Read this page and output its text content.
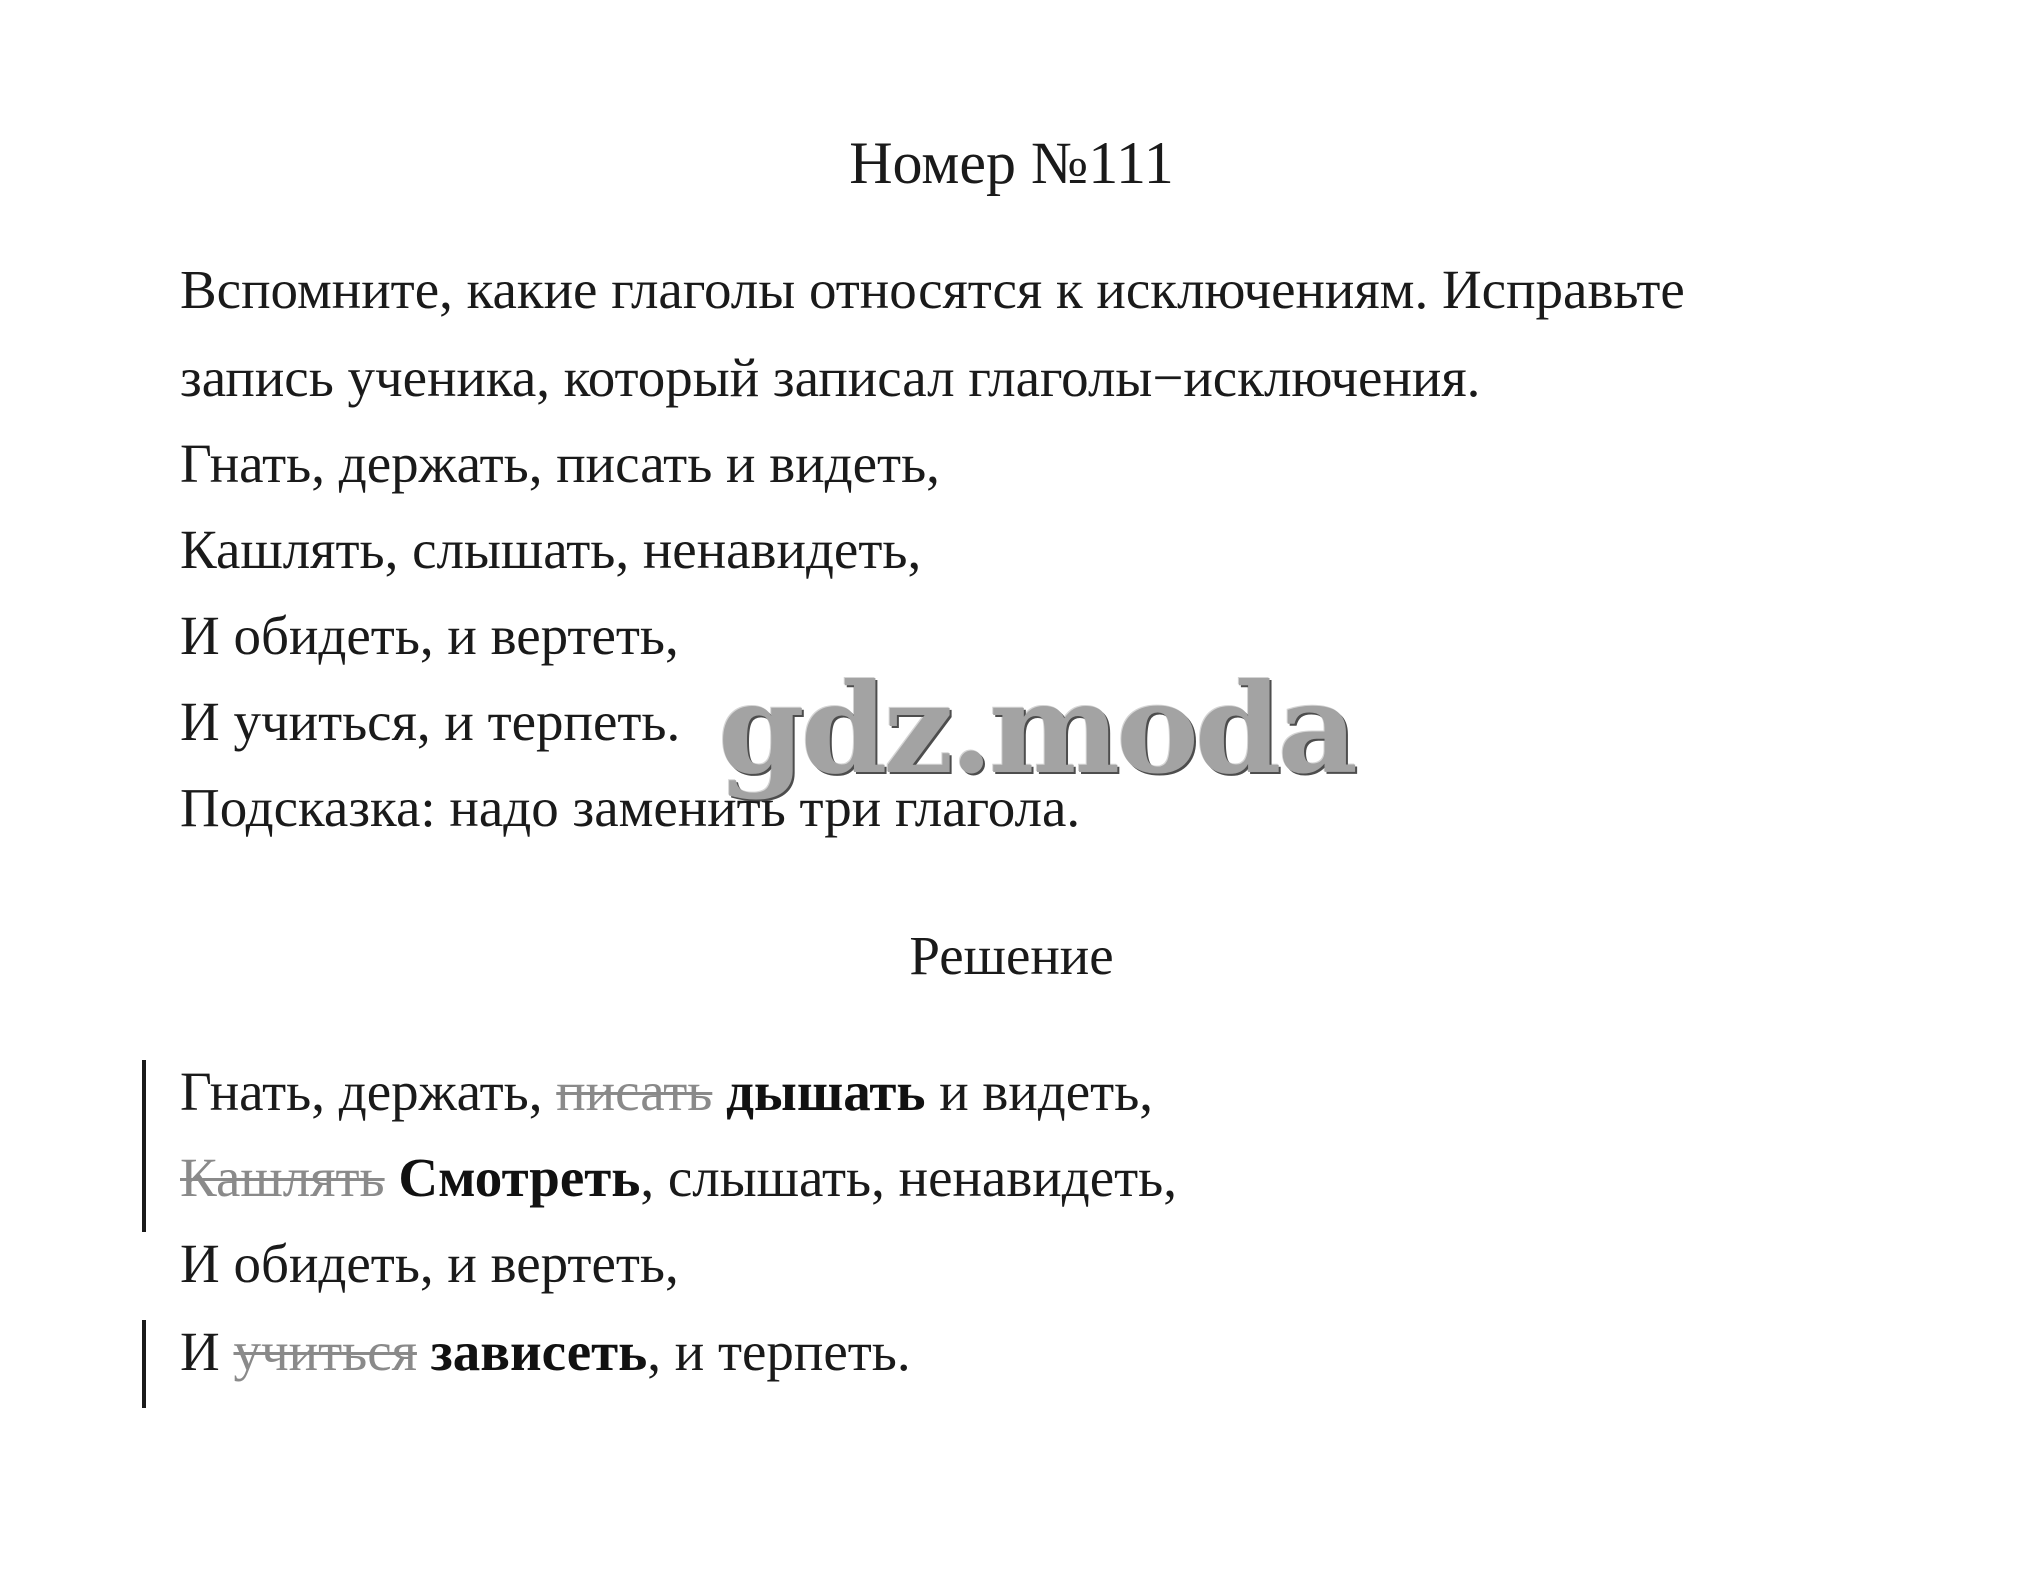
Номер №111
Вспомните, какие глаголы относятся к исключениям. Исправьте
запись ученика, который записал глаголы−исключения.
Гнать, держать, писать и видеть,
Кашлять, слышать, ненавидеть,
И обидеть, и вертеть,
И учиться, и терпеть.
Подсказка: надо заменить три глагола.
gdz.moda
Решение
Гнать, держать, писать дышать и видеть,
Кашлять Смотреть, слышать, ненавидеть,
И обидеть, и вертеть,
И учиться зависеть, и терпеть.
